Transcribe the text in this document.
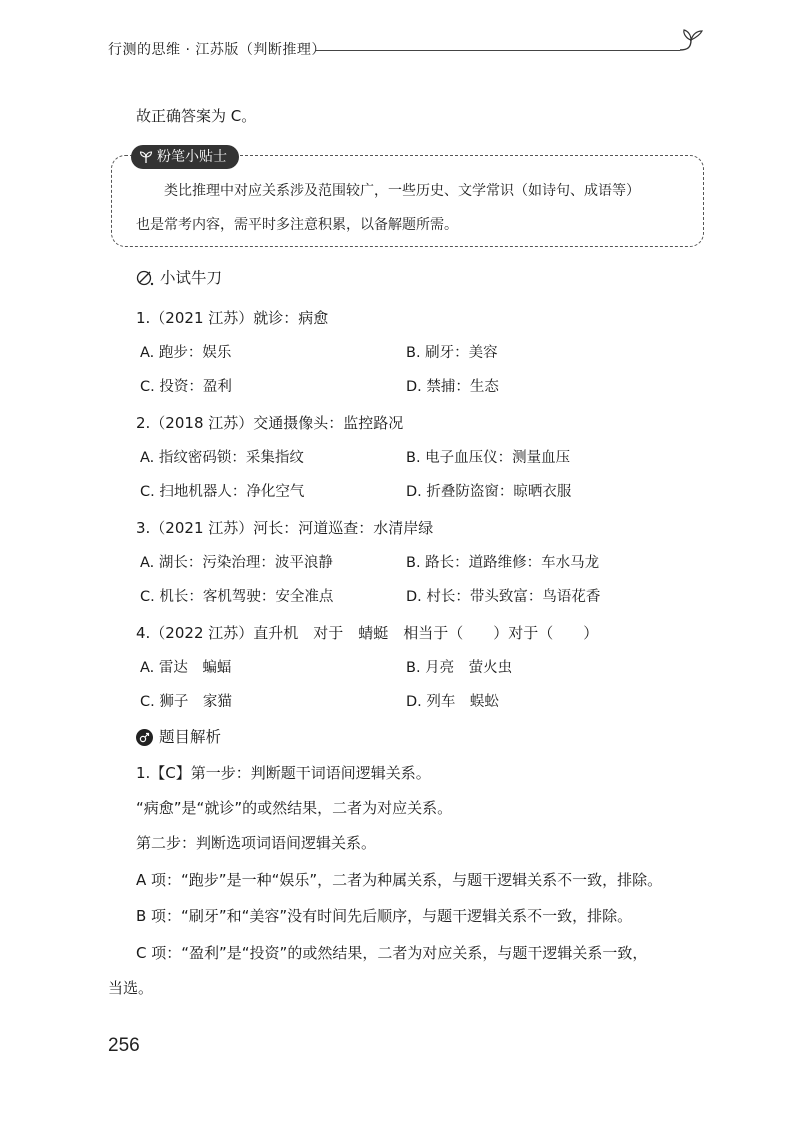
行测的思维 · 江苏版（判断推理）
故正确答案为 C。
粉笔小贴士
类比推理中对应关系涉及范围较广，一些历史、文学常识（如诗句、成语等）
也是常考内容，需平时多注意积累，以备解题所需。
小试牛刀
1.（2021 江苏）就诊：病愈
A. 跑步：娱乐	B. 刷牙：美容
C. 投资：盈利	D. 禁捕：生态
2.（2018 江苏）交通摄像头：监控路况
A. 指纹密码锁：采集指纹	B. 电子血压仪：测量血压
C. 扫地机器人：净化空气	D. 折叠防盗窗：晾晒衣服
3.（2021 江苏）河长：河道巡查：水清岸绿
A. 湖长：污染治理：波平浪静	B. 路长：道路维修：车水马龙
C. 机长：客机驾驶：安全准点	D. 村长：带头致富：鸟语花香
4.（2022 江苏）直升机　对于　蜻蜓　相当于（　　）对于（　　）
A. 雷达　蝙蝠	B. 月亮　萤火虫
C. 狮子　家猫	D. 列车　蜈蚣
题目解析
1.【C】第一步：判断题干词语间逻辑关系。
“病愈”是“就诊”的或然结果，二者为对应关系。
第二步：判断选项词语间逻辑关系。
A 项：“跑步”是一种“娱乐”，二者为种属关系，与题干逻辑关系不一致，排除。
B 项：“刷牙”和“美容”没有时间先后顺序，与题干逻辑关系不一致，排除。
C 项：“盈利”是“投资”的或然结果，二者为对应关系，与题干逻辑关系一致，
当选。
256
